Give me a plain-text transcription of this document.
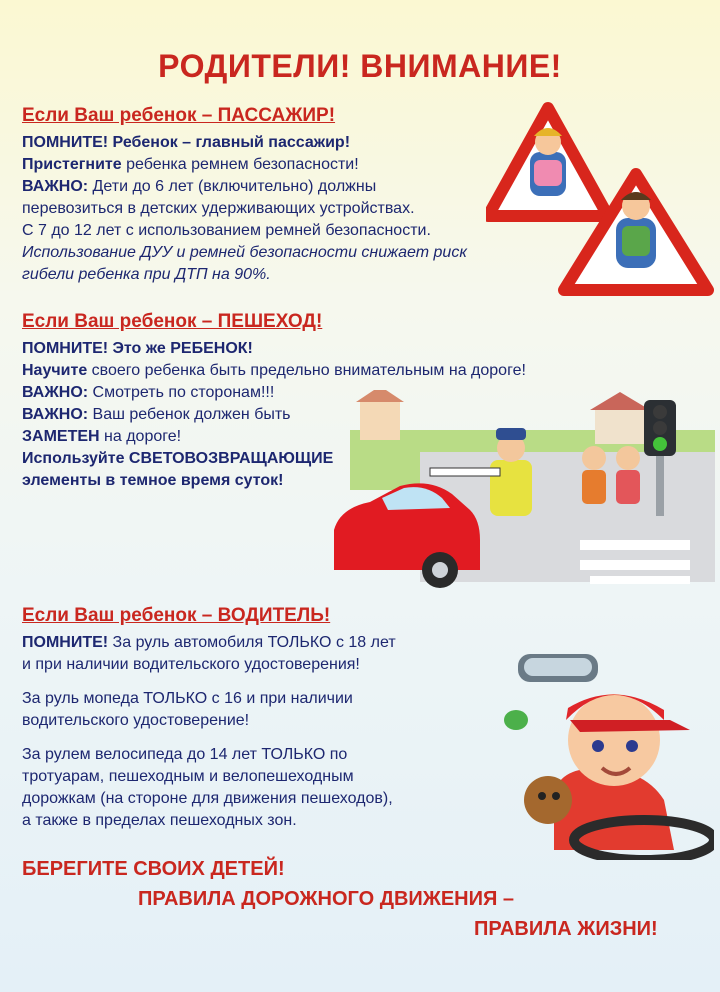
РОДИТЕЛИ! ВНИМАНИЕ!

Если Ваш ребенок – ПАССАЖИР!

ПОМНИТЕ! Ребенок – главный пассажир!

Пристегните ребенка ремнем безопасности!

ВАЖНО: Дети до 6 лет (включительно) должны

перевозиться в детских удерживающих устройствах.

С 7 до 12 лет с использованием ремней безопасности.

Использование ДУУ и ремней безопасности снижает риск

гибели ребенка при ДТП на 90%.

Если Ваш ребенок – ПЕШЕХОД!

ПОМНИТЕ! Это же РЕБЕНОК!

Научите своего ребенка быть предельно внимательным на дороге!

ВАЖНО: Смотреть по сторонам!!!

ВАЖНО: Ваш ребенок должен быть

ЗАМЕТЕН на дороге!

Используйте СВЕТОВОЗВРАЩАЮЩИЕ

элементы в темное время суток!

Если Ваш ребенок – ВОДИТЕЛЬ!

ПОМНИТЕ! За руль автомобиля ТОЛЬКО с 18 лет

и при наличии водительского удостоверения!

За руль мопеда ТОЛЬКО с 16 и при наличии

водительского удостоверение!

За рулем велосипеда до 14 лет ТОЛЬКО по

тротуарам, пешеходным и велопешеходным

дорожкам (на стороне для движения пешеходов),

а также в пределах пешеходных зон.

БЕРЕГИТЕ СВОИХ ДЕТЕЙ!
ПРАВИЛА ДОРОЖНОГО ДВИЖЕНИЯ –
ПРАВИЛА ЖИЗНИ!
